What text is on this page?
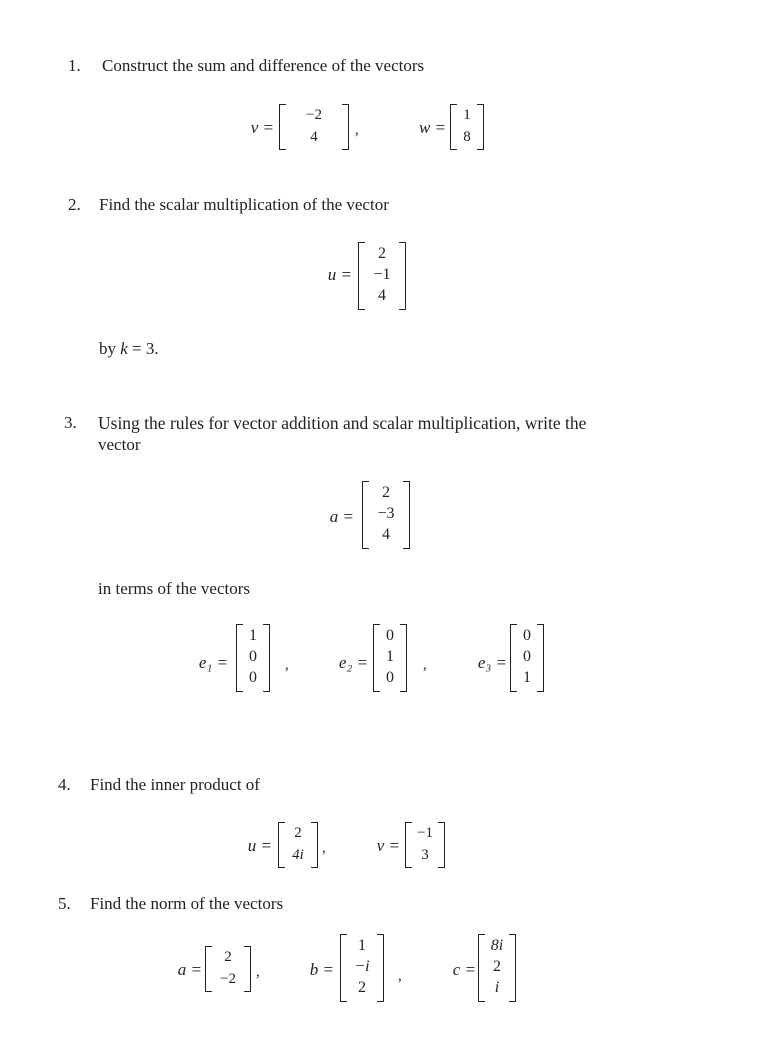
1. Construct the sum and difference of the vectors
v =
−2
4	,	w =
1
8
2. Find the scalar multiplication of the vector
u =
2
−1
4
by k = 3.
3. Using the rules for vector addition and scalar multiplication, write the
vector
a =
2
−3
4
in terms of the vectors
e₁ =
1
0
0
,	e₂ =
0
1
0
,	e₃ =
0
0
1
4. Find the inner product of
u =
2
4i	,	v =
−1
3
5. Find the norm of the vectors
a =
2
−2	,	b =
1
−i
2
,	c =
8i
2
i
